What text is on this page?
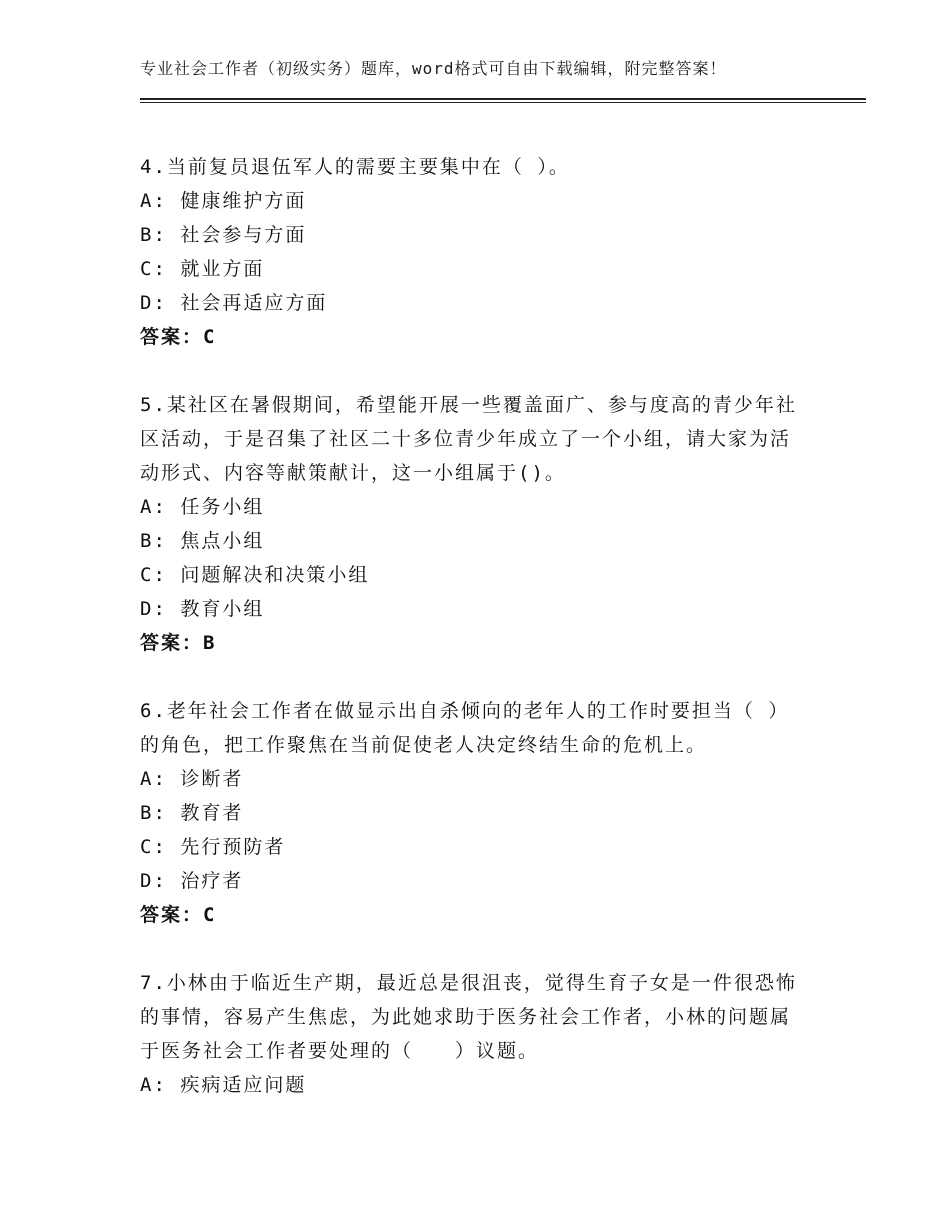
专业社会工作者（初级实务）题库，word格式可自由下载编辑，附完整答案！

4.当前复员退伍军人的需要主要集中在（ ）。

A: 健康维护方面

B: 社会参与方面

C: 就业方面

D: 社会再适应方面

答案：C

5.某社区在暑假期间，希望能开展一些覆盖面广、参与度高的青少年社区活动，于是召集了社区二十多位青少年成立了一个小组，请大家为活动形式、内容等献策献计，这一小组属于()。

A: 任务小组

B: 焦点小组

C: 问题解决和决策小组

D: 教育小组

答案：B

6.老年社会工作者在做显示出自杀倾向的老年人的工作时要担当（ ）的角色，把工作聚焦在当前促使老人决定终结生命的危机上。

A: 诊断者

B: 教育者

C: 先行预防者

D: 治疗者

答案：C

7.小林由于临近生产期，最近总是很沮丧，觉得生育子女是一件很恐怖的事情，容易产生焦虑，为此她求助于医务社会工作者，小林的问题属于医务社会工作者要处理的（　　）议题。

A: 疾病适应问题
